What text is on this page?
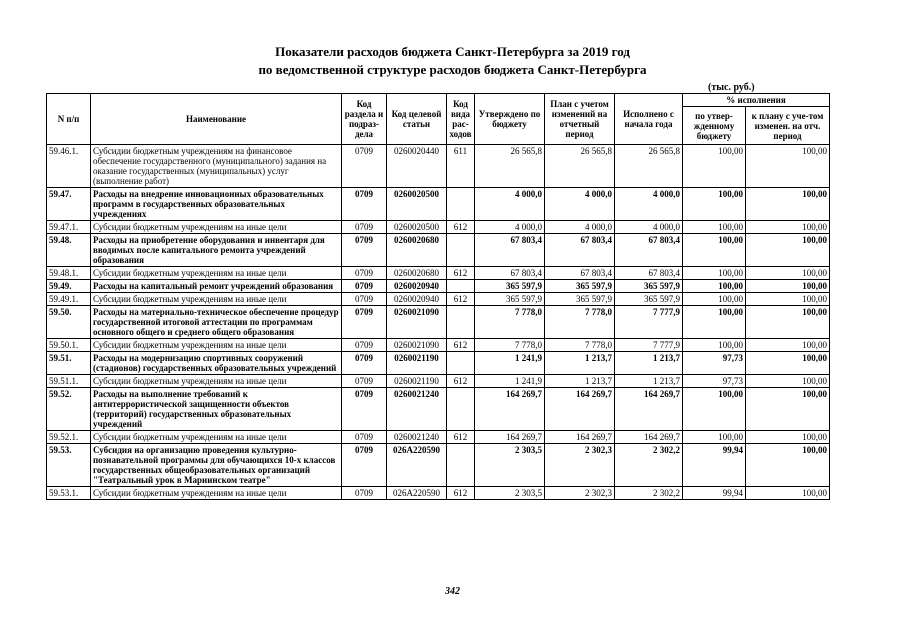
Показатели расходов бюджета Санкт-Петербурга за 2019 год
по ведомственной структуре расходов бюджета Санкт-Петербурга
(тыс. руб.)
N п/п	Наименование	Код раздела и подраз-дела	Код целевой статьи	Код вида рас-ходов	Утверждено по бюджету	План с учетом изменений на отчетный период	Исполнено с начала года	% исполнения	
								по утвер-жденному бюджету	к плану с уче-том изменен. на отч. период
59.46.1.	Субсидии бюджетным учреждениям на финансовое обеспечение государственного (муниципального) задания на оказание государственных (муниципальных) услуг (выполнение работ)	0709	0260020440	611	26 565,8	26 565,8	26 565,8	100,00	100,00
59.47.	Расходы на внедрение инновационных образовательных программ в государственных образовательных учреждениях	0709	0260020500		4 000,0	4 000,0	4 000,0	100,00	100,00
59.47.1.	Субсидии бюджетным учреждениям на иные цели	0709	0260020500	612	4 000,0	4 000,0	4 000,0	100,00	100,00
59.48.	Расходы на приобретение оборудования и инвентаря для вводимых после капитального ремонта учреждений образования	0709	0260020680		67 803,4	67 803,4	67 803,4	100,00	100,00
59.48.1.	Субсидии бюджетным учреждениям на иные цели	0709	0260020680	612	67 803,4	67 803,4	67 803,4	100,00	100,00
59.49.	Расходы на капитальный ремонт учреждений образования	0709	0260020940		365 597,9	365 597,9	365 597,9	100,00	100,00
59.49.1.	Субсидии бюджетным учреждениям на иные цели	0709	0260020940	612	365 597,9	365 597,9	365 597,9	100,00	100,00
59.50.	Расходы на материально-техническое обеспечение процедур государственной итоговой аттестации по программам основного общего и среднего общего образования	0709	0260021090		7 778,0	7 778,0	7 777,9	100,00	100,00
59.50.1.	Субсидии бюджетным учреждениям на иные цели	0709	0260021090	612	7 778,0	7 778,0	7 777,9	100,00	100,00
59.51.	Расходы на модернизацию спортивных сооружений (стадионов) государственных образовательных учреждений	0709	0260021190		1 241,9	1 213,7	1 213,7	97,73	100,00
59.51.1.	Субсидии бюджетным учреждениям на иные цели	0709	0260021190	612	1 241,9	1 213,7	1 213,7	97,73	100,00
59.52.	Расходы на выполнение требований к антитеррористической защищенности объектов (территорий) государственных образовательных учреждений	0709	0260021240		164 269,7	164 269,7	164 269,7	100,00	100,00
59.52.1.	Субсидии бюджетным учреждениям на иные цели	0709	0260021240	612	164 269,7	164 269,7	164 269,7	100,00	100,00
59.53.	Субсидия на организацию проведения культурно-познавательной программы для обучающихся 10-х классов государственных общеобразовательных организаций "Театральный урок в Мариинском театре"	0709	026А220590		2 303,5	2 302,3	2 302,2	99,94	100,00
59.53.1.	Субсидии бюджетным учреждениям на иные цели	0709	026А220590	612	2 303,5	2 302,3	2 302,2	99,94	100,00
342
